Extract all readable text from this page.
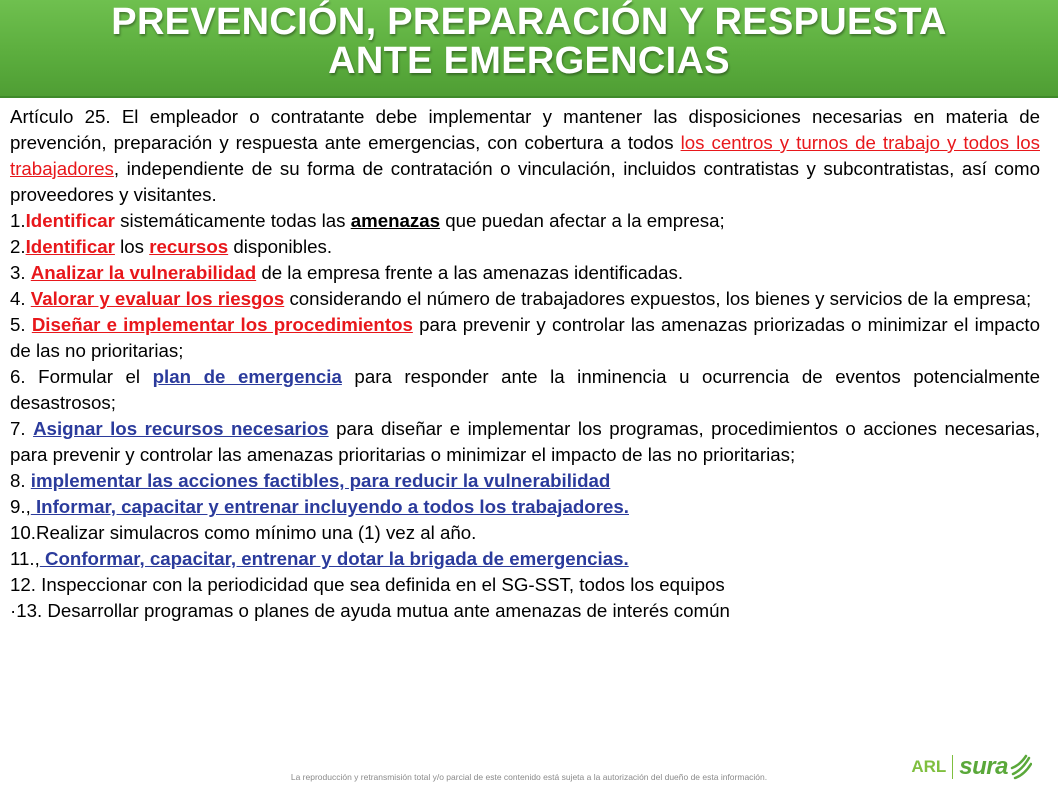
PREVENCIÓN, PREPARACIÓN Y RESPUESTA
ANTE EMERGENCIAS

Artículo 25. El empleador o contratante debe implementar y mantener las disposiciones necesarias en materia de prevención, preparación y respuesta ante emergencias, con cobertura a todos los centros y turnos de trabajo y todos los trabajadores, independiente de su forma de contratación o vinculación, incluidos contratistas y subcontratistas, así como proveedores y visitantes.

1.Identificar sistemáticamente todas las amenazas que puedan afectar a la empresa;

2.Identificar los recursos disponibles.

3. Analizar la vulnerabilidad de la empresa frente a las amenazas identificadas.

4. Valorar y evaluar los riesgos considerando el número de trabajadores expuestos, los bienes y servicios de la empresa;

5. Diseñar e implementar los procedimientos para prevenir y controlar las amenazas priorizadas o minimizar el impacto de las no prioritarias;

6. Formular el plan de emergencia para responder ante la inminencia u ocurrencia de eventos potencialmente desastrosos;

7. Asignar los recursos necesarios para diseñar e implementar los programas, procedimientos o acciones necesarias, para prevenir y controlar las amenazas prioritarias o minimizar el impacto de las no prioritarias;

8. implementar las acciones factibles, para reducir la vulnerabilidad

9., Informar, capacitar y entrenar incluyendo a todos los trabajadores.

10.Realizar simulacros como mínimo una (1) vez al año.

11., Conformar, capacitar, entrenar y dotar la brigada de emergencias.

12. Inspeccionar con la periodicidad que sea definida en el SG-SST, todos los equipos

·13. Desarrollar programas o planes de ayuda mutua ante amenazas de interés común

La reproducción y retransmisión total y/o parcial de este contenido está sujeta a la autorización del dueño de esta información.
ARL sura
